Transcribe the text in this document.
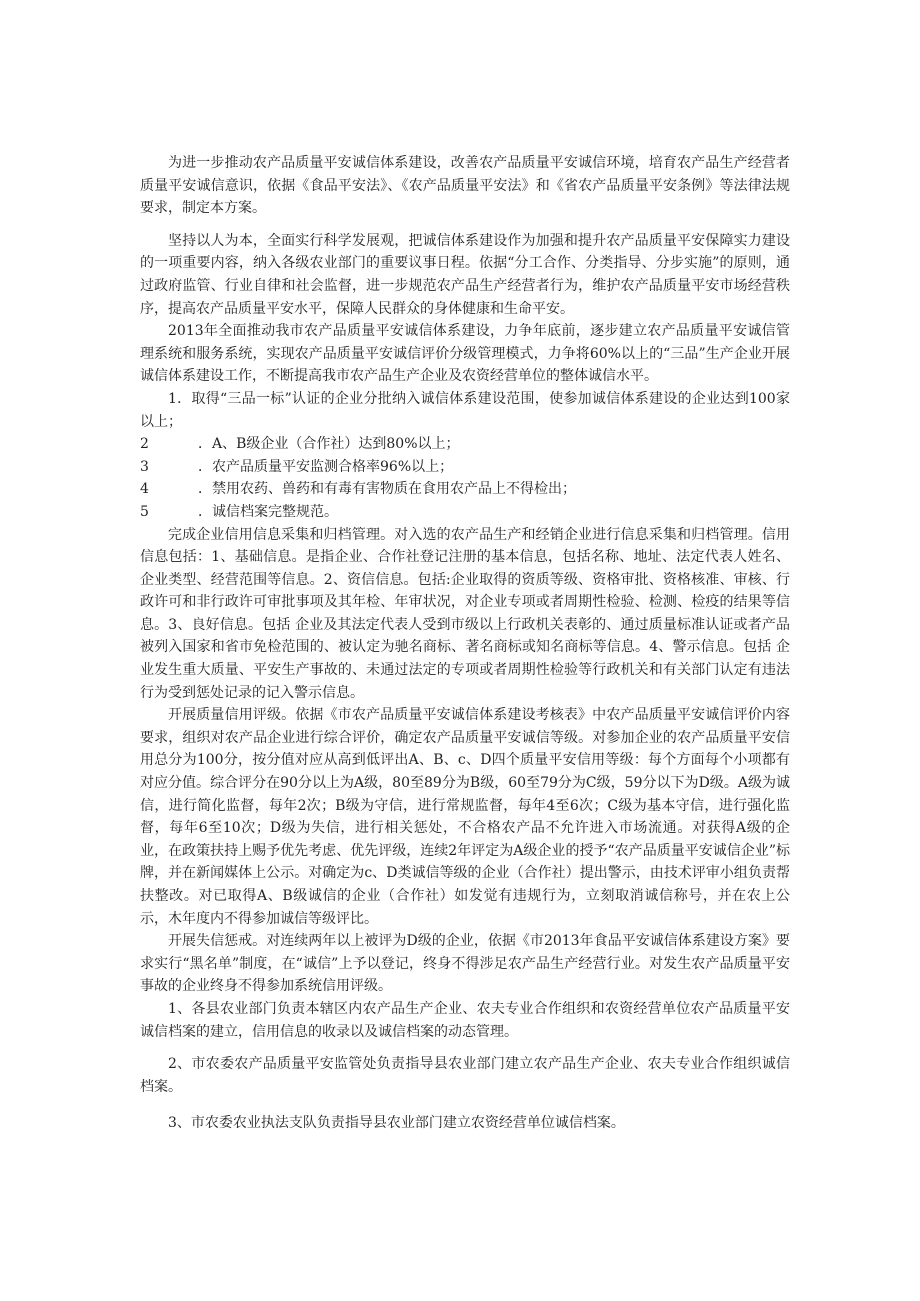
为进一步推动农产品质量平安诚信体系建设，改善农产品质量平安诚信环境，培育农产品生产经营者质量平安诚信意识，依据《食品平安法》、《农产品质量平安法》和《省农产品质量平安条例》等法律法规要求，制定本方案。

坚持以人为本，全面实行科学发展观，把诚信体系建设作为加强和提升农产品质量平安保障实力建设的一项重要内容，纳入各级农业部门的重要议事日程。依据“分工合作、分类指导、分步实施”的原则，通过政府监管、行业自律和社会监督，进一步规范农产品生产经营者行为，维护农产品质量平安市场经营秩序，提高农产品质量平安水平，保障人民群众的身体健康和生命平安。

2013年全面推动我市农产品质量平安诚信体系建设，力争年底前，逐步建立农产品质量平安诚信管理系统和服务系统，实现农产品质量平安诚信评价分级管理模式，力争将60%以上的“三品”生产企业开展诚信体系建设工作，不断提高我市农产品生产企业及农资经营单位的整体诚信水平。

1．取得“三品一标”认证的企业分批纳入诚信体系建设范围，使参加诚信体系建设的企业达到100家以上；

2	．A、B级企业（合作社）达到80%以上；

3	．农产品质量平安监测合格率96%以上；

4	．禁用农药、兽药和有毒有害物质在食用农产品上不得检出；

5	．诚信档案完整规范。

完成企业信用信息采集和归档管理。对入选的农产品生产和经销企业进行信息采集和归档管理。信用信息包括：1、基础信息。是指企业、合作社登记注册的基本信息，包括名称、地址、法定代表人姓名、企业类型、经营范围等信息。2、资信信息。包括:企业取得的资质等级、资格审批、资格核准、审核、行政许可和非行政许可审批事项及其年检、年审状况，对企业专项或者周期性检验、检测、检疫的结果等信息。3、良好信息。包括 企业及其法定代表人受到市级以上行政机关表彰的、通过质量标准认证或者产品被列入国家和省市免检范围的、被认定为驰名商标、著名商标或知名商标等信息。4、警示信息。包括 企业发生重大质量、平安生产事故的、未通过法定的专项或者周期性检验等行政机关和有关部门认定有违法行为受到惩处记录的记入警示信息。

开展质量信用评级。依据《市农产品质量平安诚信体系建设考核表》中农产品质量平安诚信评价内容要求，组织对农产品企业进行综合评价，确定农产品质量平安诚信等级。对参加企业的农产品质量平安信用总分为100分，按分值对应从高到低评出A、B、c、D四个质量平安信用等级：每个方面每个小项都有对应分值。综合评分在90分以上为A级，80至89分为B级，60至79分为C级，59分以下为D级。A级为诚信，进行简化监督，每年2次；B级为守信，进行常规监督，每年4至6次；C级为基本守信，进行强化监督，每年6至10次；D级为失信，进行相关惩处，不合格农产品不允许进入市场流通。对获得A级的企业，在政策扶持上赐予优先考虑、优先评级，连续2年评定为A级企业的授予“农产品质量平安诚信企业”标牌，并在新闻媒体上公示。对确定为c、D类诚信等级的企业（合作社）提出警示，由技术评审小组负责帮扶整改。对已取得A、B级诚信的企业（合作社）如发觉有违规行为，立刻取消诚信称号，并在农上公示，木年度内不得参加诚信等级评比。

开展失信惩戒。对连续两年以上被评为D级的企业，依据《市2013年食品平安诚信体系建设方案》要求实行“黑名单”制度，在“诚信”上予以登记，终身不得涉足农产品生产经营行业。对发生农产品质量平安事故的企业终身不得参加系统信用评级。

1、各县农业部门负责本辖区内农产品生产企业、农夫专业合作组织和农资经营单位农产品质量平安诚信档案的建立，信用信息的收录以及诚信档案的动态管理。

2、市农委农产品质量平安监管处负责指导县农业部门建立农产品生产企业、农夫专业合作组织诚信档案。

3、市农委农业执法支队负责指导县农业部门建立农资经营单位诚信档案。
